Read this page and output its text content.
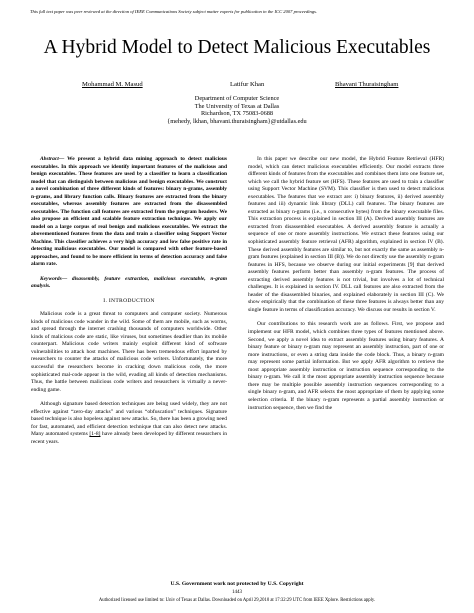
This full text paper was peer reviewed at the direction of IEEE Communications Society subject matter experts for publication in the ICC 2007 proceedings.
A Hybrid Model to Detect Malicious Executables
Mohammad M. Masud	Latifur Khan	Bhavani Thuraisingham
Department of Computer Science
The University of Texas at Dallas
Richardson, TX 75083-0688
{mehedy, lkhan, bhavani.thuraisingham}@utdallas.edu

Abstract— We present a hybrid data mining approach to detect malicious executables. In this approach we identify important features of the malicious and benign executables. These features are used by a classifier to learn a classification model that can distinguish between malicious and benign executables. We construct a novel combination of three different kinds of features: binary n-grams, assembly n-grams, and library function calls. Binary features are extracted from the binary executables, whereas assembly features are extracted from the disassembled executables. The function call features are extracted from the program headers. We also propose an efficient and scalable feature extraction technique. We apply our model on a large corpus of real benign and malicious executables. We extract the abovementioned features from the data and train a classifier using Support Vector Machine. This classifier achieves a very high accuracy and low false positive rate in detecting malicious executables. Our model is compared with other feature-based approaches, and found to be more efficient in terms of detection accuracy and false alarm rate.

Keywords— disassembly, feature extraction, malicious executable, n-gram analysis.

I. INTRODUCTION

Malicious code is a great threat to computers and computer society. Numerous kinds of malicious code wander in the wild. Some of them are mobile, such as worms, and spread through the internet crashing thousands of computers worldwide. Other kinds of malicious code are static, like viruses, but sometimes deadlier than its mobile counterpart. Malicious code writers mainly exploit different kind of software vulnerabilities to attack host machines. There has been tremendous effort inparted by researchers to counter the attacks of malicious code writers. Unfortunately, the more successful the researchers become in cracking down malicious code, the more sophisticated mal-code appear in the wild, evading all kinds of detection mechanisms. Thus, the battle between malicious code writers and researchers is virtually a never-ending game.

Although signature based detection techniques are being used widely, they are not effective against “zero-day attacks” and various “obfuscation” techniques. Signature based technique is also hopeless against new attacks. So, there has been a growing need for fast, automated, and efficient detection technique that can also detect new attacks. Many automated systems [1-8] have already been developed by different researchers in recent years.

In this paper we describe our new model, the Hybrid Feature Retrieval (HFR) model, which can detect malicious executables efficiently. Our model extracts three different kinds of features from the executables and combines them into one feature set, which we call the hybrid feature set (HFS). These features are used to train a classifier using Support Vector Machine (SVM). This classifier is then used to detect malicious executables. The features that we extract are: i) binary features, ii) derived assembly features and iii) dynamic link library (DLL) call features. The binary features are extracted as binary n-grams (i.e., n consecutive bytes) from the binary executable files. This extraction process is explained in section III (A). Derived assembly features are extracted from disassembled executables. A derived assembly feature is actually a sequence of one or more assembly instructions. We extract these features using our sophisticated assembly feature retrieval (AFR) algorithm, explained in section IV (B). These derived assembly features are similar to, but not exactly the same as assembly n-gram features (explained in section III (B)). We do not directly use the assembly n-gram features in HFS, because we observe during our initial experiments [9] that derived assembly features perform better than assembly n-gram features. The process of extracting derived assembly features is not trivial, but involves a lot of technical challenges. It is explained in section IV. DLL call features are also extracted from the header of the disassembled binaries, and explained elaborately in section III (C). We show empirically that the combination of these three features is always better than any single feature in terms of classification accuracy. We discuss our results in section V.

Our contributions to this research work are as follows. First, we propose and implement our HFR model, which combines three types of features mentioned above. Second, we apply a novel idea to extract assembly features using binary features. A binary feature or binary n-gram may represent an assembly instruction, part of one or more instructions, or even a string data inside the code block. Thus, a binary n-gram may represent some partial information. But we apply AFR algorithm to retrieve the most appropriate assembly instruction or instruction sequence corresponding to the binary n-gram. We call it the most appropriate assembly instruction sequence because there may be multiple possible assembly instruction sequences corresponding to a single binary n-gram, and AFR selects the most appropriate of them by applying some selection criteria. If the binary n-gram represents a partial assembly instruction or instruction sequence, then we find the

U.S. Government work not protected by U.S. Copyright
1443
Authorized licensed use limited to: Univ of Texas at Dallas. Downloaded on April 29,2010 at 17:32:29 UTC from IEEE Xplore. Restrictions apply.
